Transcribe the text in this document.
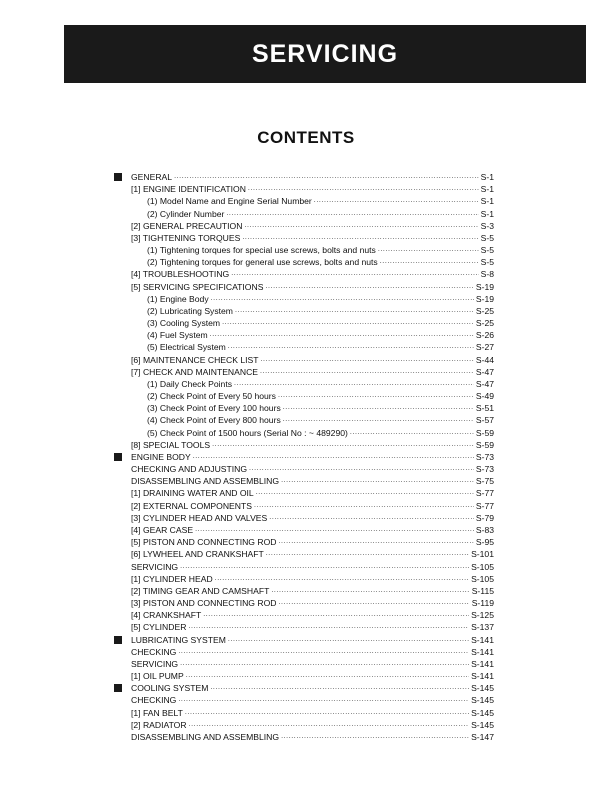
SERVICING
CONTENTS
GENERAL .....	S-1
[1] ENGINE IDENTIFICATION .....	S-1
(1) Model Name and Engine Serial Number .....	S-1
(2) Cylinder Number .....	S-1
[2] GENERAL PRECAUTION .....	S-3
[3] TIGHTENING TORQUES .....	S-5
(1) Tightening torques for special use screws, bolts and nuts .....	S-5
(2) Tightening torques for general use screws, bolts and nuts .....	S-5
[4] TROUBLESHOOTING .....	S-8
[5] SERVICING SPECIFICATIONS .....	S-19
(1) Engine Body .....	S-19
(2) Lubricating System .....	S-25
(3) Cooling System .....	S-25
(4) Fuel System .....	S-26
(5) Electrical System .....	S-27
[6] MAINTENANCE CHECK LIST .....	S-44
[7] CHECK AND MAINTENANCE .....	S-47
(1) Daily Check Points .....	S-47
(2) Check Point of Every 50 hours .....	S-49
(3) Check Point of Every 100 hours .....	S-51
(4) Check Point of Every 800 hours .....	S-57
(5) Check Point of 1500 hours (Serial No : ~ 489290) .....	S-59
[8] SPECIAL TOOLS .....	S-59
ENGINE BODY .....	S-73
CHECKING AND ADJUSTING .....	S-73
DISASSEMBLING AND ASSEMBLING .....	S-75
[1] DRAINING WATER AND OIL .....	S-77
[2] EXTERNAL COMPONENTS .....	S-77
[3] CYLINDER HEAD AND VALVES .....	S-79
[4] GEAR CASE .....	S-83
[5] PISTON AND CONNECTING ROD .....	S-95
[6] LYWHEEL AND CRANKSHAFT .....	S-101
SERVICING .....	S-105
[1] CYLINDER HEAD .....	S-105
[2] TIMING GEAR AND CAMSHAFT .....	S-115
[3] PISTON AND CONNECTING ROD .....	S-119
[4] CRANKSHAFT .....	S-125
[5] CYLINDER .....	S-137
LUBRICATING SYSTEM .....	S-141
CHECKING .....	S-141
SERVICING .....	S-141
[1] OIL PUMP .....	S-141
COOLING SYSTEM .....	S-145
CHECKING .....	S-145
[1] FAN BELT .....	S-145
[2] RADIATOR .....	S-145
DISASSEMBLING AND ASSEMBLING .....	S-147
